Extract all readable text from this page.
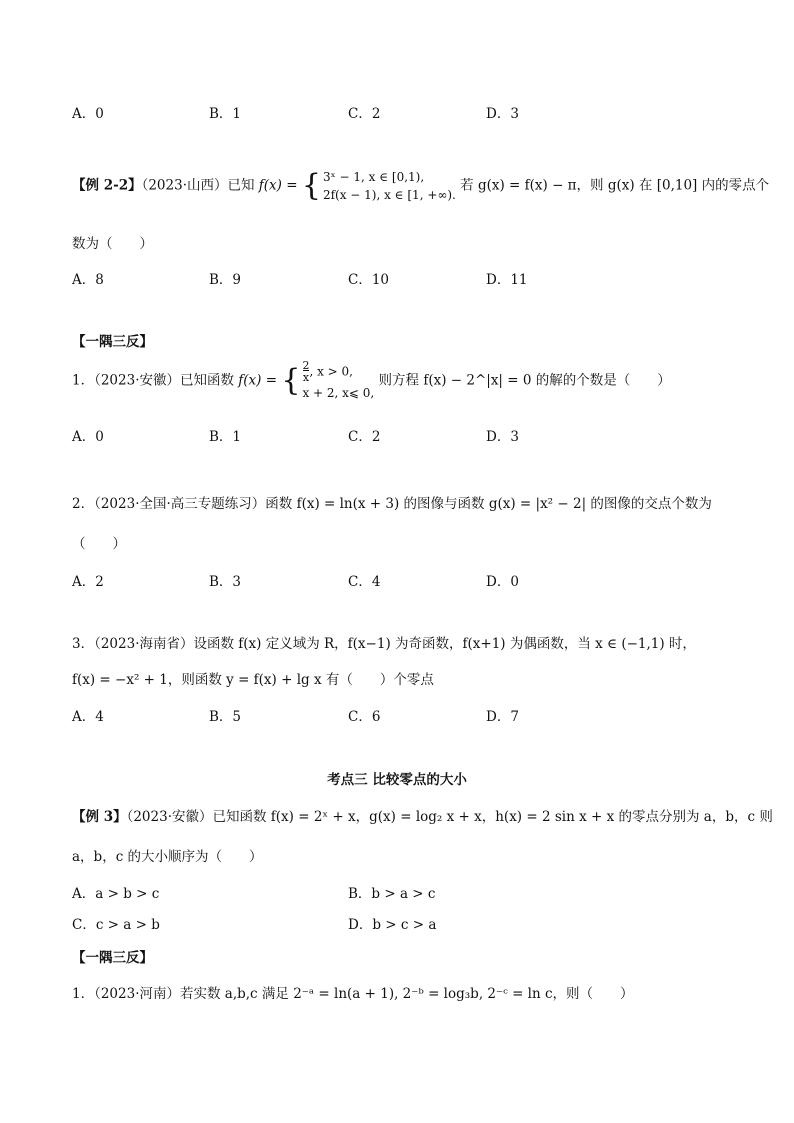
A．0	B．1	C．2	D．3
【例 2-2】（2023·山西）已知 f(x) = { 3ˣ − 1, x ∈ [0,1),
2f(x − 1), x ∈ [1, +∞). 若 g(x) = f(x) − π，则 g(x) 在 [0,10] 内的零点个
数为（　　）
A．8	B．9	C．10	D．11
【一隅三反】
1．（2023·安徽）已知函数 f(x) = { $\frac{2}{x}$, x > 0,
x + 2, x⩽ 0, 则方程 f(x) − 2^|x| = 0 的解的个数是（　　）
A．0	B．1	C．2	D．3
2．（2023·全国·高三专题练习）函数 f(x) = ln(x + 3) 的图像与函数 g(x) = |x² − 2| 的图像的交点个数为
（　　）
A．2	B．3	C．4	D．0
3．（2023·海南省）设函数 f(x) 定义域为 R，f(x−1) 为奇函数，f(x+1) 为偶函数，当 x ∈ (−1,1) 时，
f(x) = −x² + 1，则函数 y = f(x) + lg x 有（　　）个零点
A．4	B．5	C．6	D．7
考点三 比较零点的大小
【例 3】（2023·安徽）已知函数 f(x) = 2ˣ + x，g(x) = log₂ x + x，h(x) = 2 sin x + x 的零点分别为 a，b，c 则
a，b，c 的大小顺序为（　　）
A．a > b > c	B．b > a > c
C．c > a > b	D．b > c > a
【一隅三反】
1．（2023·河南）若实数 a,b,c 满足 2⁻ᵃ = ln(a + 1), 2⁻ᵇ = log₃b, 2⁻ᶜ = ln c，则（　　）
